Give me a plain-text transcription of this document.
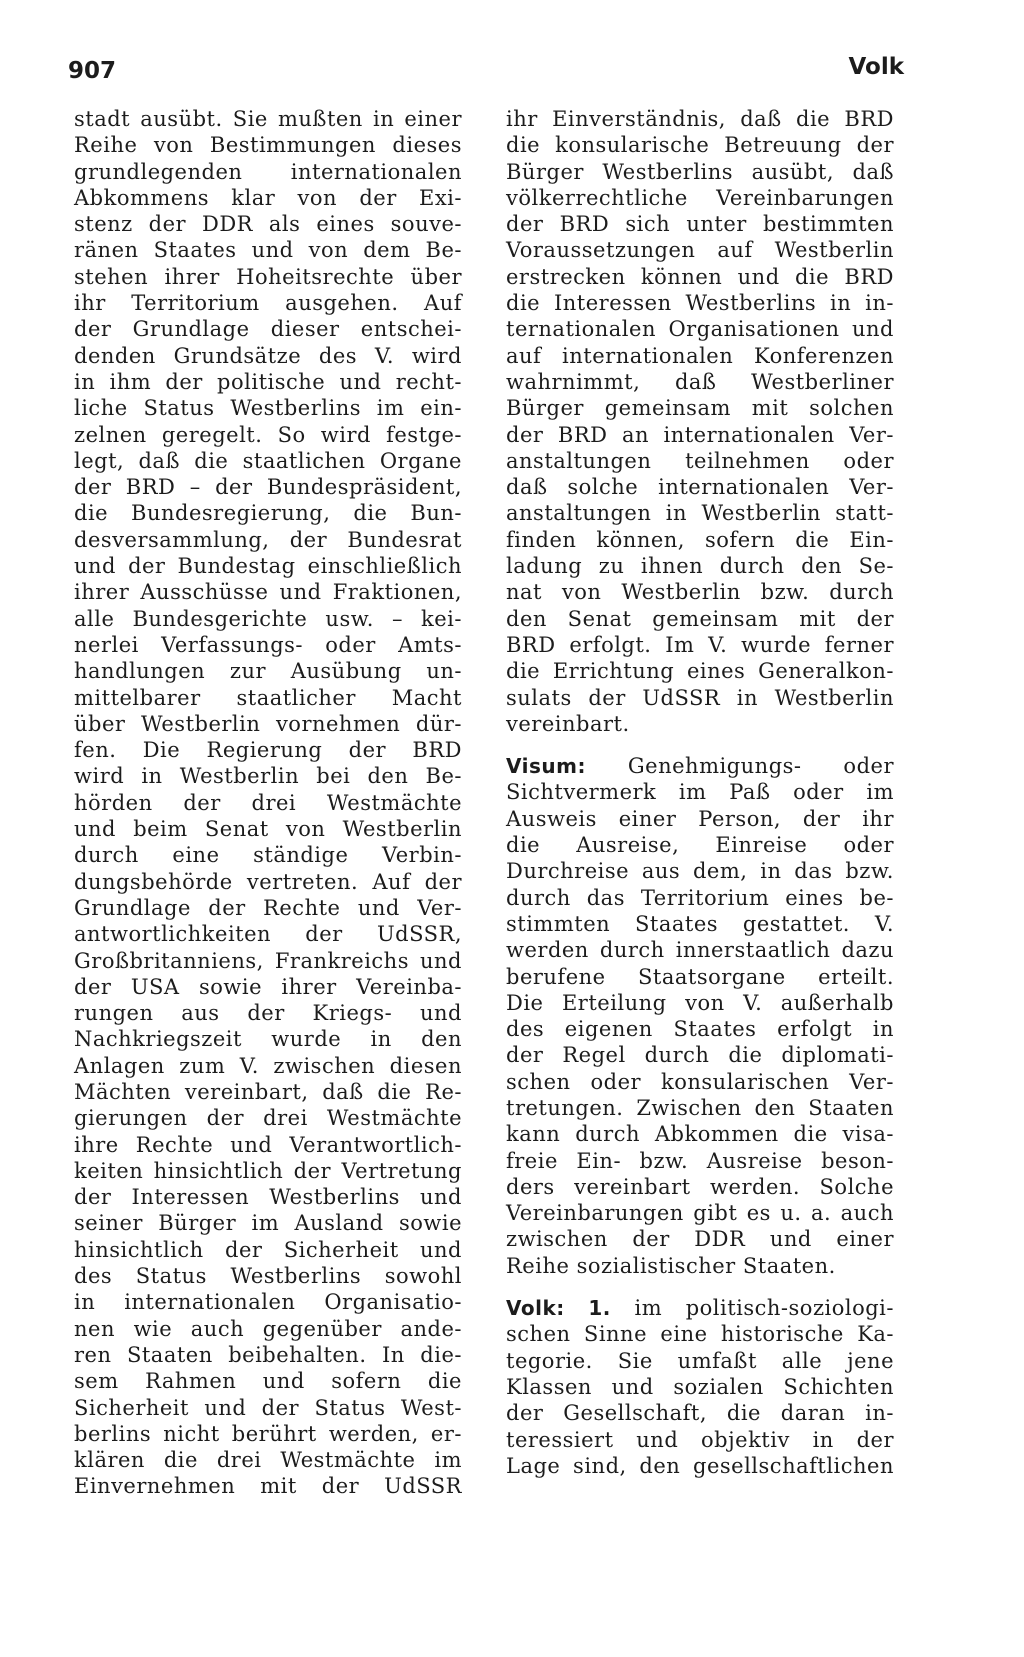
907	Volk
stadt ausübt. Sie mußten in einer
Reihe von Bestimmungen dieses
grundlegenden internationalen
Abkommens klar von der Exi-
stenz der DDR als eines souve-
ränen Staates und von dem Be-
stehen ihrer Hoheitsrechte über
ihr Territorium ausgehen. Auf
der Grundlage dieser entschei-
denden Grundsätze des V. wird
in ihm der politische und recht-
liche Status Westberlins im ein-
zelnen geregelt. So wird festge-
legt, daß die staatlichen Organe
der BRD – der Bundespräsident,
die Bundesregierung, die Bun-
desversammlung, der Bundesrat
und der Bundestag einschließlich
ihrer Ausschüsse und Fraktionen,
alle Bundesgerichte usw. – kei-
nerlei Verfassungs- oder Amts-
handlungen zur Ausübung un-
mittelbarer staatlicher Macht
über Westberlin vornehmen dür-
fen. Die Regierung der BRD
wird in Westberlin bei den Be-
hörden der drei Westmächte
und beim Senat von Westberlin
durch eine ständige Verbin-
dungsbehörde vertreten. Auf der
Grundlage der Rechte und Ver-
antwortlichkeiten der UdSSR,
Großbritanniens, Frankreichs und
der USA sowie ihrer Vereinba-
rungen aus der Kriegs- und
Nachkriegszeit wurde in den
Anlagen zum V. zwischen diesen
Mächten vereinbart, daß die Re-
gierungen der drei Westmächte
ihre Rechte und Verantwortlich-
keiten hinsichtlich der Vertretung
der Interessen Westberlins und
seiner Bürger im Ausland sowie
hinsichtlich der Sicherheit und
des Status Westberlins sowohl
in internationalen Organisatio-
nen wie auch gegenüber ande-
ren Staaten beibehalten. In die-
sem Rahmen und sofern die
Sicherheit und der Status West-
berlins nicht berührt werden, er-
klären die drei Westmächte im
Einvernehmen mit der UdSSR
ihr Einverständnis, daß die BRD
die konsularische Betreuung der
Bürger Westberlins ausübt, daß
völkerrechtliche Vereinbarungen
der BRD sich unter bestimmten
Voraussetzungen auf Westberlin
erstrecken können und die BRD
die Interessen Westberlins in in-
ternationalen Organisationen und
auf internationalen Konferenzen
wahrnimmt, daß Westberliner
Bürger gemeinsam mit solchen
der BRD an internationalen Ver-
anstaltungen teilnehmen oder
daß solche internationalen Ver-
anstaltungen in Westberlin statt-
finden können, sofern die Ein-
ladung zu ihnen durch den Se-
nat von Westberlin bzw. durch
den Senat gemeinsam mit der
BRD erfolgt. Im V. wurde ferner
die Errichtung eines Generalkon-
sulats der UdSSR in Westberlin
vereinbart.
Visum: Genehmigungs- oder
Sichtvermerk im Paß oder im
Ausweis einer Person, der ihr
die Ausreise, Einreise oder
Durchreise aus dem, in das bzw.
durch das Territorium eines be-
stimmten Staates gestattet. V.
werden durch innerstaatlich dazu
berufene Staatsorgane erteilt.
Die Erteilung von V. außerhalb
des eigenen Staates erfolgt in
der Regel durch die diplomati-
schen oder konsularischen Ver-
tretungen. Zwischen den Staaten
kann durch Abkommen die visa-
freie Ein- bzw. Ausreise beson-
ders vereinbart werden. Solche
Vereinbarungen gibt es u. a. auch
zwischen der DDR und einer
Reihe sozialistischer Staaten.
Volk: 1. im politisch-soziologi-
schen Sinne eine historische Ka-
tegorie. Sie umfaßt alle jene
Klassen und sozialen Schichten
der Gesellschaft, die daran in-
teressiert und objektiv in der
Lage sind, den gesellschaftlichen
